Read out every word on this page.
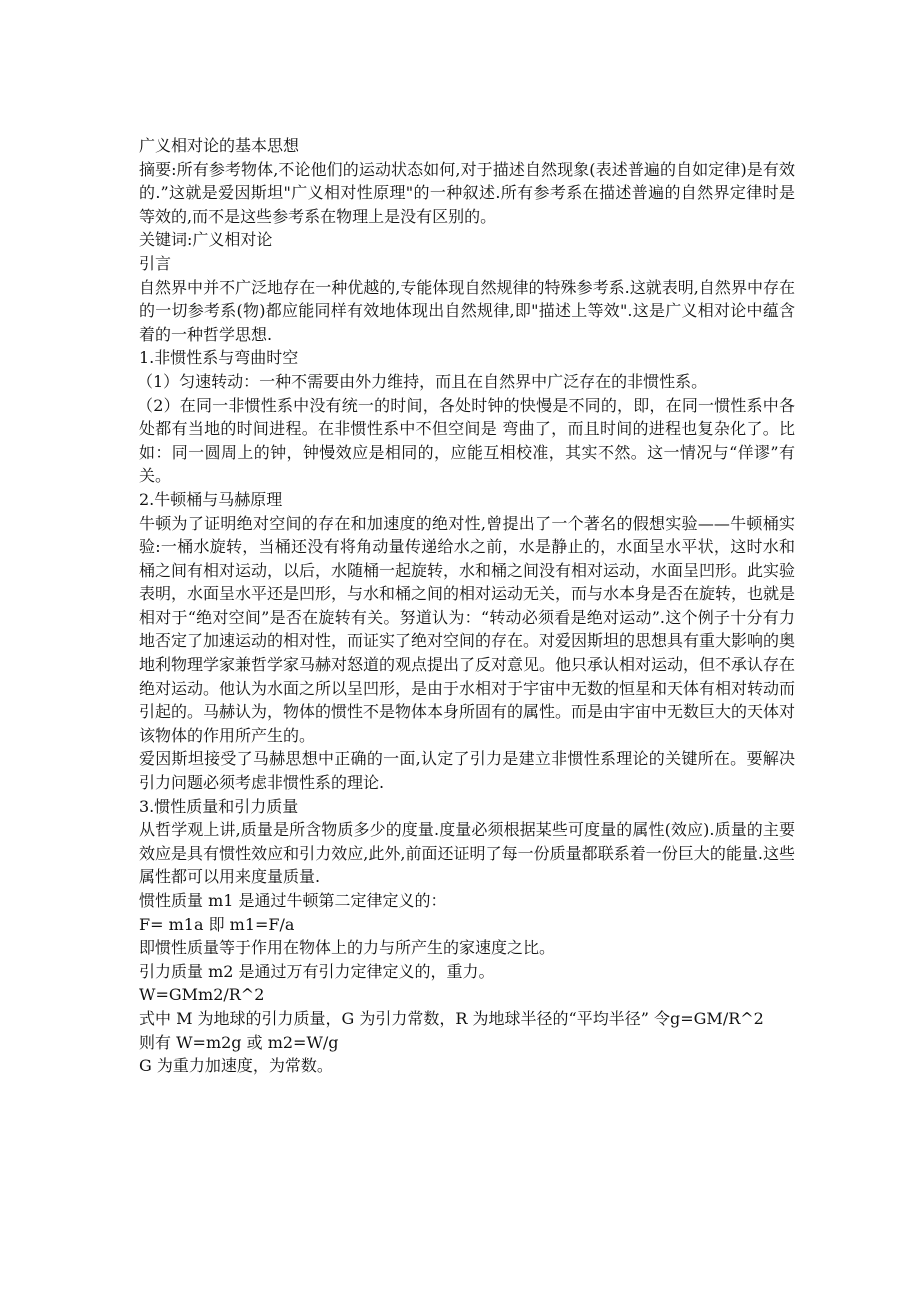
广义相对论的基本思想

摘要:所有参考物体,不论他们的运动状态如何,对于描述自然现象(表述普遍的自如定律)是有效的.”这就是爱因斯坦"广义相对性原理"的一种叙述.所有参考系在描述普遍的自然界定律时是等效的,而不是这些参考系在物理上是没有区别的。

关键词:广义相对论

引言

自然界中并不广泛地存在一种优越的,专能体现自然规律的特殊参考系.这就表明,自然界中存在的一切参考系(物)都应能同样有效地体现出自然规律,即"描述上等效".这是广义相对论中蕴含着的一种哲学思想.

1.非惯性系与弯曲时空

（1）匀速转动：一种不需要由外力维持，而且在自然界中广泛存在的非惯性系。

（2）在同一非惯性系中没有统一的时间，各处时钟的快慢是不同的，即，在同一惯性系中各处都有当地的时间进程。在非惯性系中不但空间是 弯曲了，而且时间的进程也复杂化了。比如：同一圆周上的钟，钟慢效应是相同的，应能互相校准，其实不然。这一情况与“佯谬”有关。

2.牛顿桶与马赫原理

牛顿为了证明绝对空间的存在和加速度的绝对性,曾提出了一个著名的假想实验——牛顿桶实验:一桶水旋转，当桶还没有将角动量传递给水之前，水是静止的，水面呈水平状，这时水和桶之间有相对运动，以后，水随桶一起旋转，水和桶之间没有相对运动，水面呈凹形。此实验表明，水面呈水平还是凹形，与水和桶之间的相对运动无关，而与水本身是否在旋转，也就是相对于“绝对空间”是否在旋转有关。努道认为：“转动必须看是绝对运动”.这个例子十分有力地否定了加速运动的相对性，而证实了绝对空间的存在。对爱因斯坦的思想具有重大影响的奥地利物理学家兼哲学家马赫对怒道的观点提出了反对意见。他只承认相对运动，但不承认存在绝对运动。他认为水面之所以呈凹形，是由于水相对于宇宙中无数的恒星和天体有相对转动而引起的。马赫认为，物体的惯性不是物体本身所固有的属性。而是由宇宙中无数巨大的天体对该物体的作用所产生的。

爱因斯坦接受了马赫思想中正确的一面,认定了引力是建立非惯性系理论的关键所在。要解决引力问题必须考虑非惯性系的理论.

3.惯性质量和引力质量

从哲学观上讲,质量是所含物质多少的度量.度量必须根据某些可度量的属性(效应).质量的主要效应是具有惯性效应和引力效应,此外,前面还证明了每一份质量都联系着一份巨大的能量.这些属性都可以用来度量质量.

惯性质量 m1 是通过牛顿第二定律定义的：

F= m1a 即 m1=F/a

即惯性质量等于作用在物体上的力与所产生的家速度之比。

引力质量 m2 是通过万有引力定律定义的，重力。

W=GMm2/R^2

式中 M 为地球的引力质量，G 为引力常数，R 为地球半径的“平均半径” 令g=GM/R^2

则有 W=m2g 或 m2=W/g

G 为重力加速度，为常数。
